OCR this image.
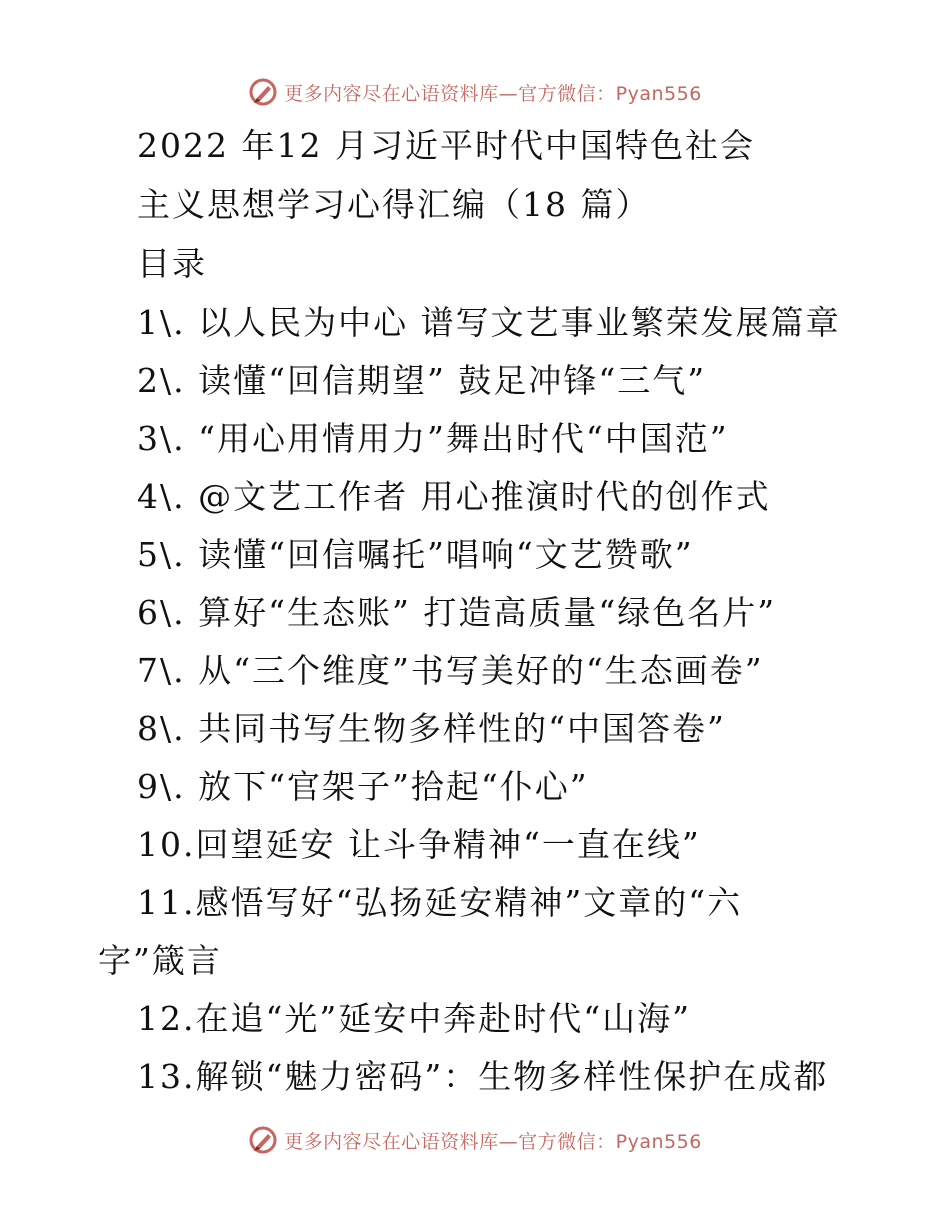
更多内容尽在心语资料库—官方微信：Pyan556
2022 年12 月习近平时代中国特色社会
主义思想学习心得汇编（18 篇）
目录
1\. 以人民为中心 谱写文艺事业繁荣发展篇章
2\. 读懂“回信期望” 鼓足冲锋“三气”
3\. “用心用情用力”舞出时代“中国范”
4\. @文艺工作者 用心推演时代的创作式
5\. 读懂“回信嘱托”唱响“文艺赞歌”
6\. 算好“生态账” 打造高质量“绿色名片”
7\. 从“三个维度”书写美好的“生态画卷”
8\. 共同书写生物多样性的“中国答卷”
9\. 放下“官架子”拾起“仆心”
10.回望延安 让斗争精神“一直在线”
11.感悟写好“弘扬延安精神”文章的“六
字”箴言
12.在追“光”延安中奔赴时代“山海”
13.解锁“魅力密码”：生物多样性保护在成都
更多内容尽在心语资料库—官方微信：Pyan556
